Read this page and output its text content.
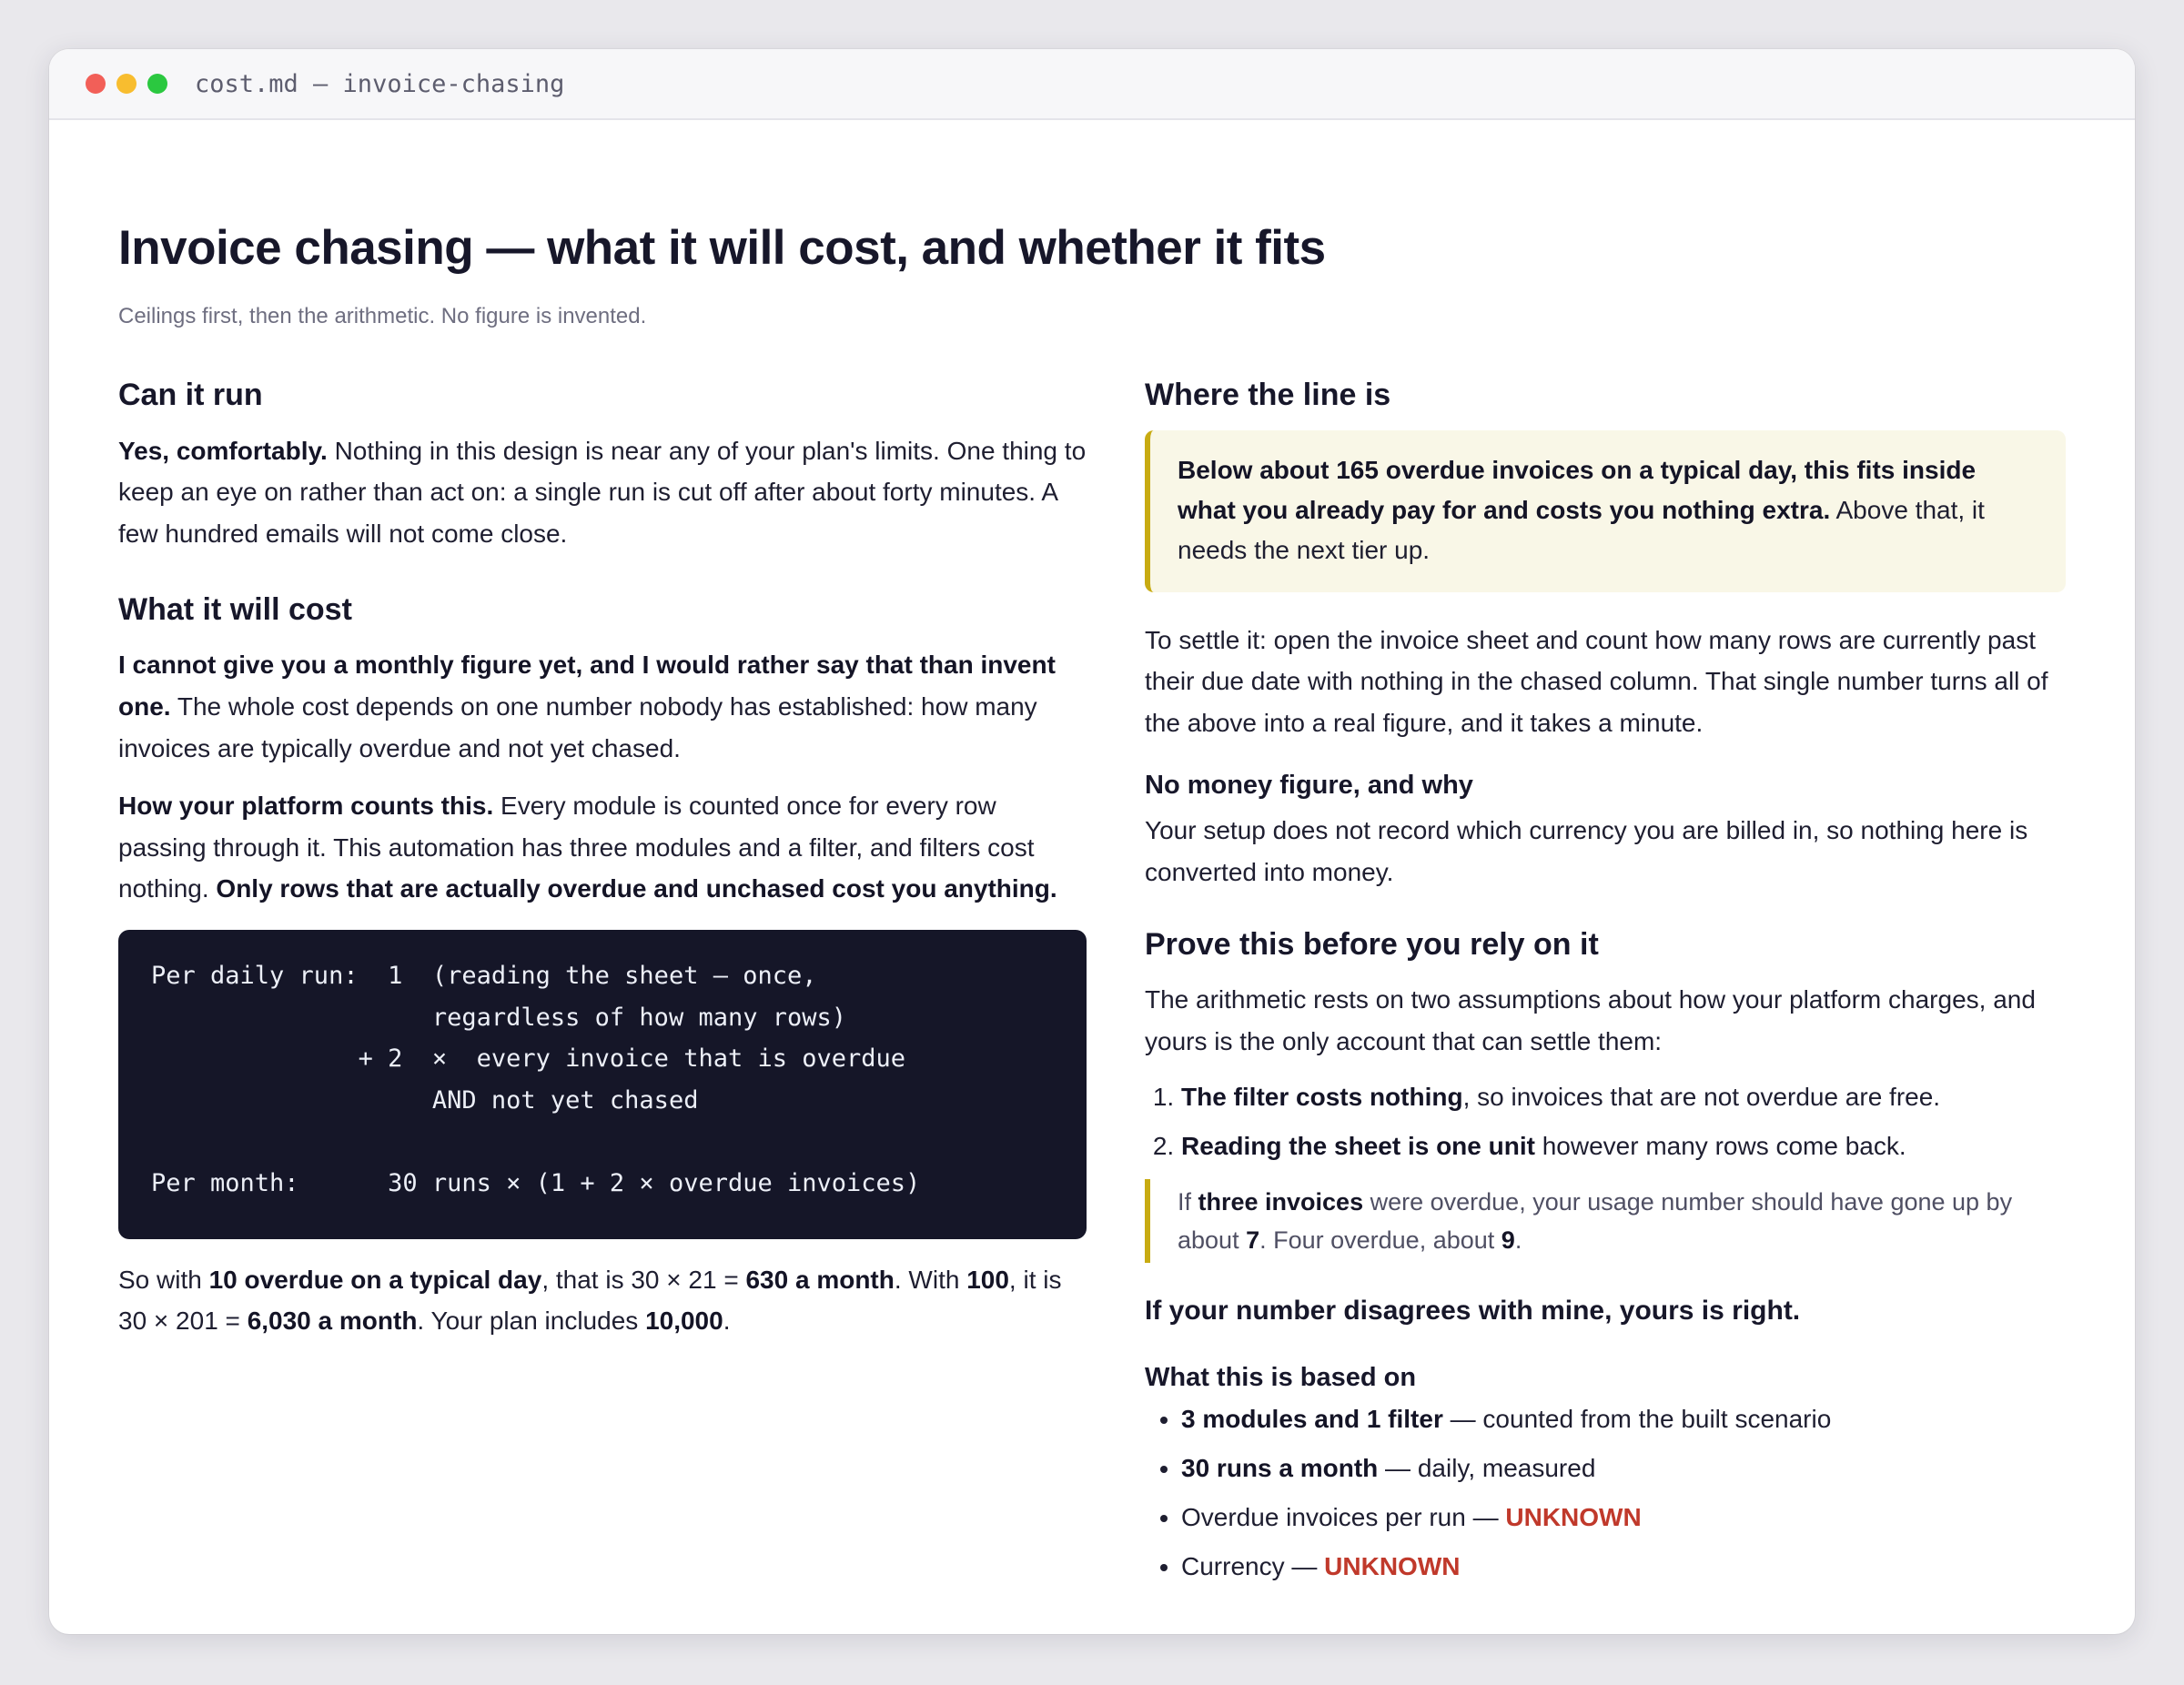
cost.md — invoice-chasing
Invoice chasing — what it will cost, and whether it fits

Ceilings first, then the arithmetic. No figure is invented.

Can it run

Yes, comfortably. Nothing in this design is near any of your plan's limits. One thing to keep an eye on rather than act on: a single run is cut off after about forty minutes. A few hundred emails will not come close.

What it will cost

I cannot give you a monthly figure yet, and I would rather say that than invent one. The whole cost depends on one number nobody has established: how many invoices are typically overdue and not yet chased.

How your platform counts this. Every module is counted once for every row passing through it. This automation has three modules and a filter, and filters cost nothing. Only rows that are actually overdue and unchased cost you anything.

Per daily run:  1  (reading the sheet — once,
regardless of how many rows)
+ 2  ×  every invoice that is overdue
AND not yet chased

Per month:      30 runs × (1 + 2 × overdue invoices)

So with 10 overdue on a typical day, that is 30 × 21 = 630 a month. With 100, it is 30 × 201 = 6,030 a month. Your plan includes 10,000.

Where the line is

Below about 165 overdue invoices on a typical day, this fits inside what you already pay for and costs you nothing extra. Above that, it needs the next tier up.

To settle it: open the invoice sheet and count how many rows are currently past their due date with nothing in the chased column. That single number turns all of the above into a real figure, and it takes a minute.

No money figure, and why

Your setup does not record which currency you are billed in, so nothing here is converted into money.

Prove this before you rely on it

The arithmetic rests on two assumptions about how your platform charges, and yours is the only account that can settle them:

1. The filter costs nothing, so invoices that are not overdue are free.
2. Reading the sheet is one unit however many rows come back.

If three invoices were overdue, your usage number should have gone up by about 7. Four overdue, about 9.

If your number disagrees with mine, yours is right.

What this is based on
• 3 modules and 1 filter — counted from the built scenario
• 30 runs a month — daily, measured
• Overdue invoices per run — UNKNOWN
• Currency — UNKNOWN
